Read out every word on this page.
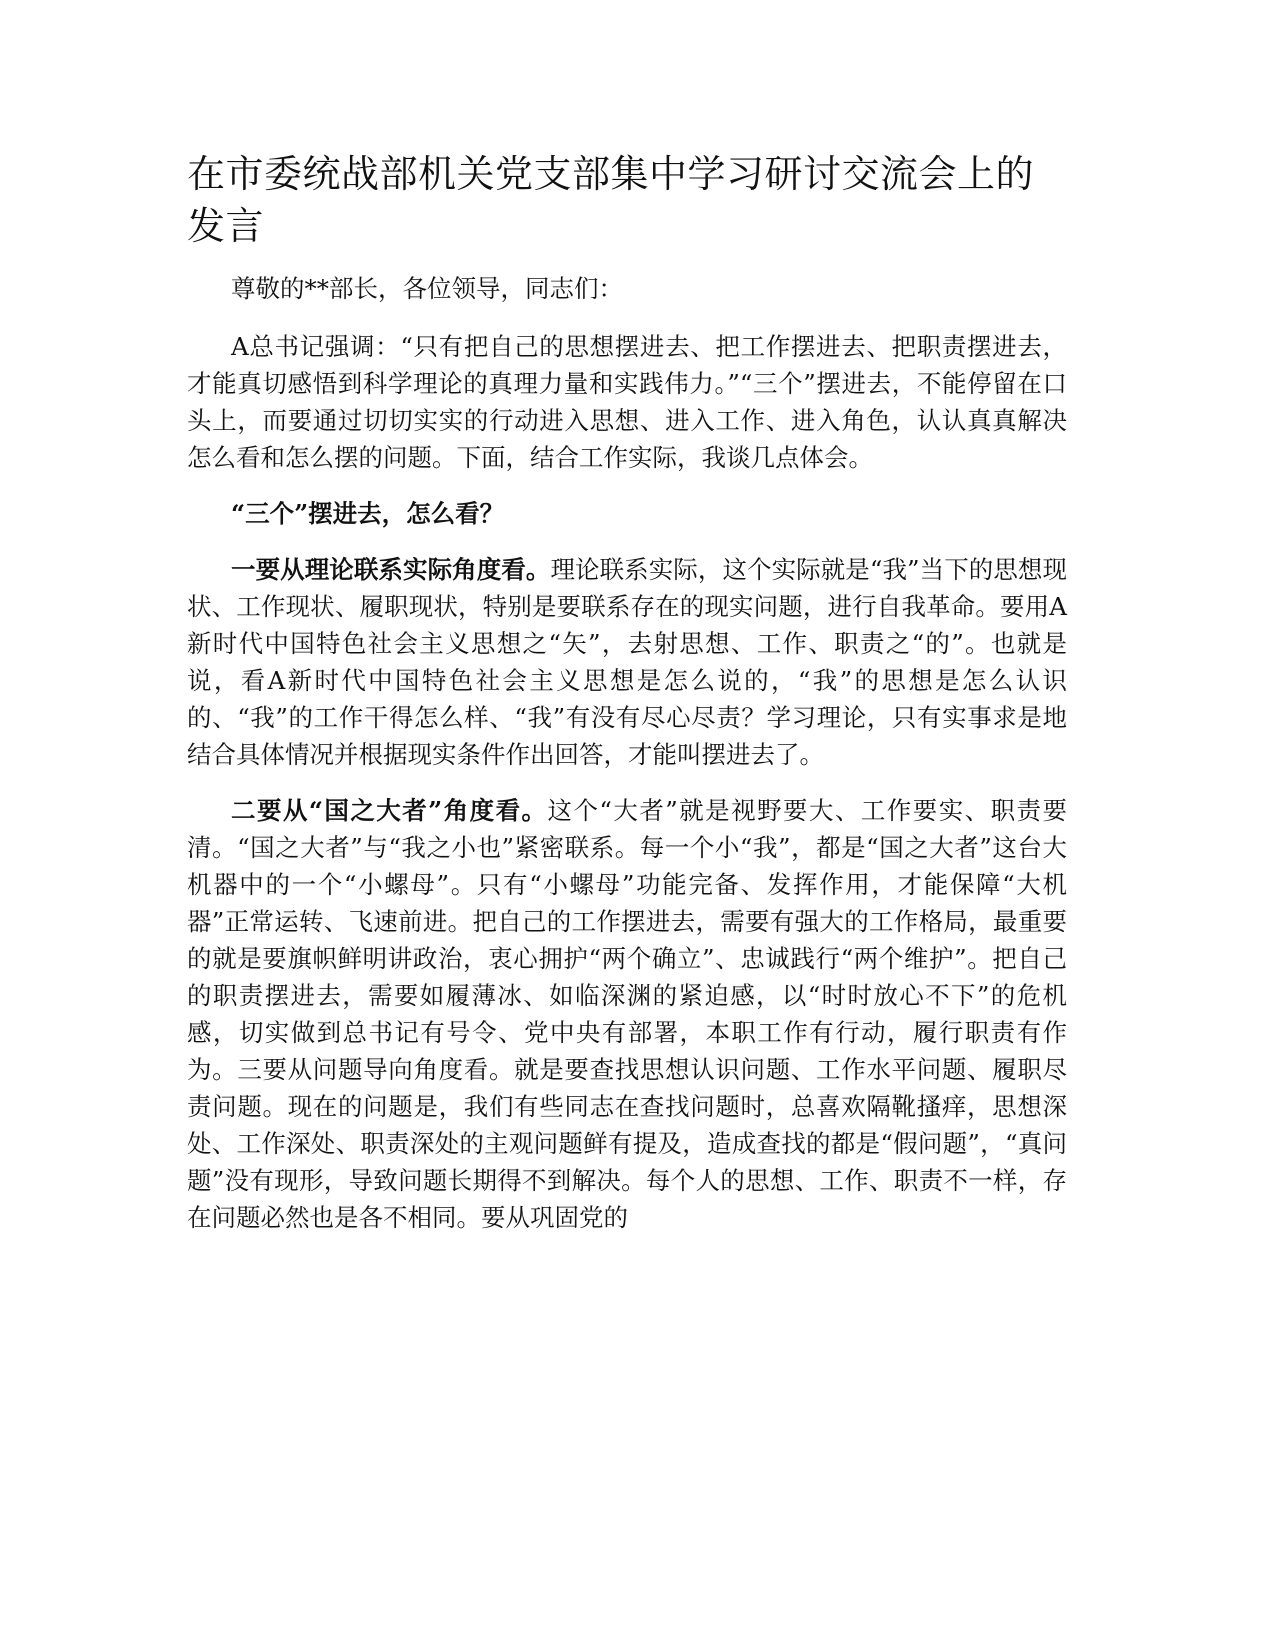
在市委统战部机关党支部集中学习研讨交流会上的发言

尊敬的**部长，各位领导，同志们：

A总书记强调：“只有把自己的思想摆进去、把工作摆进去、把职责摆进去，才能真切感悟到科学理论的真理力量和实践伟力。”“三个”摆进去，不能停留在口头上，而要通过切切实实的行动进入思想、进入工作、进入角色，认认真真解决怎么看和怎么摆的问题。下面，结合工作实际，我谈几点体会。

“三个”摆进去，怎么看？

一要从理论联系实际角度看。理论联系实际，这个实际就是“我”当下的思想现状、工作现状、履职现状，特别是要联系存在的现实问题，进行自我革命。要用A新时代中国特色社会主义思想之“矢”，去射思想、工作、职责之“的”。也就是说，看A新时代中国特色社会主义思想是怎么说的，“我”的思想是怎么认识的、“我”的工作干得怎么样、“我”有没有尽心尽责？学习理论，只有实事求是地结合具体情况并根据现实条件作出回答，才能叫摆进去了。

二要从“国之大者”角度看。这个“大者”就是视野要大、工作要实、职责要清。“国之大者”与“我之小也”紧密联系。每一个小“我”，都是“国之大者”这台大机器中的一个“小螺母”。只有“小螺母”功能完备、发挥作用，才能保障“大机器”正常运转、飞速前进。把自己的工作摆进去，需要有强大的工作格局，最重要的就是要旗帜鲜明讲政治，衷心拥护“两个确立”、忠诚践行“两个维护”。把自己的职责摆进去，需要如履薄冰、如临深渊的紧迫感，以“时时放心不下”的危机感，切实做到总书记有号令、党中央有部署，本职工作有行动，履行职责有作为。三要从问题导向角度看。就是要查找思想认识问题、工作水平问题、履职尽责问题。现在的问题是，我们有些同志在查找问题时，总喜欢隔靴搔痒，思想深处、工作深处、职责深处的主观问题鲜有提及，造成查找的都是“假问题”，“真问题”没有现形，导致问题长期得不到解决。每个人的思想、工作、职责不一样，存在问题必然也是各不相同。要从巩固党的
